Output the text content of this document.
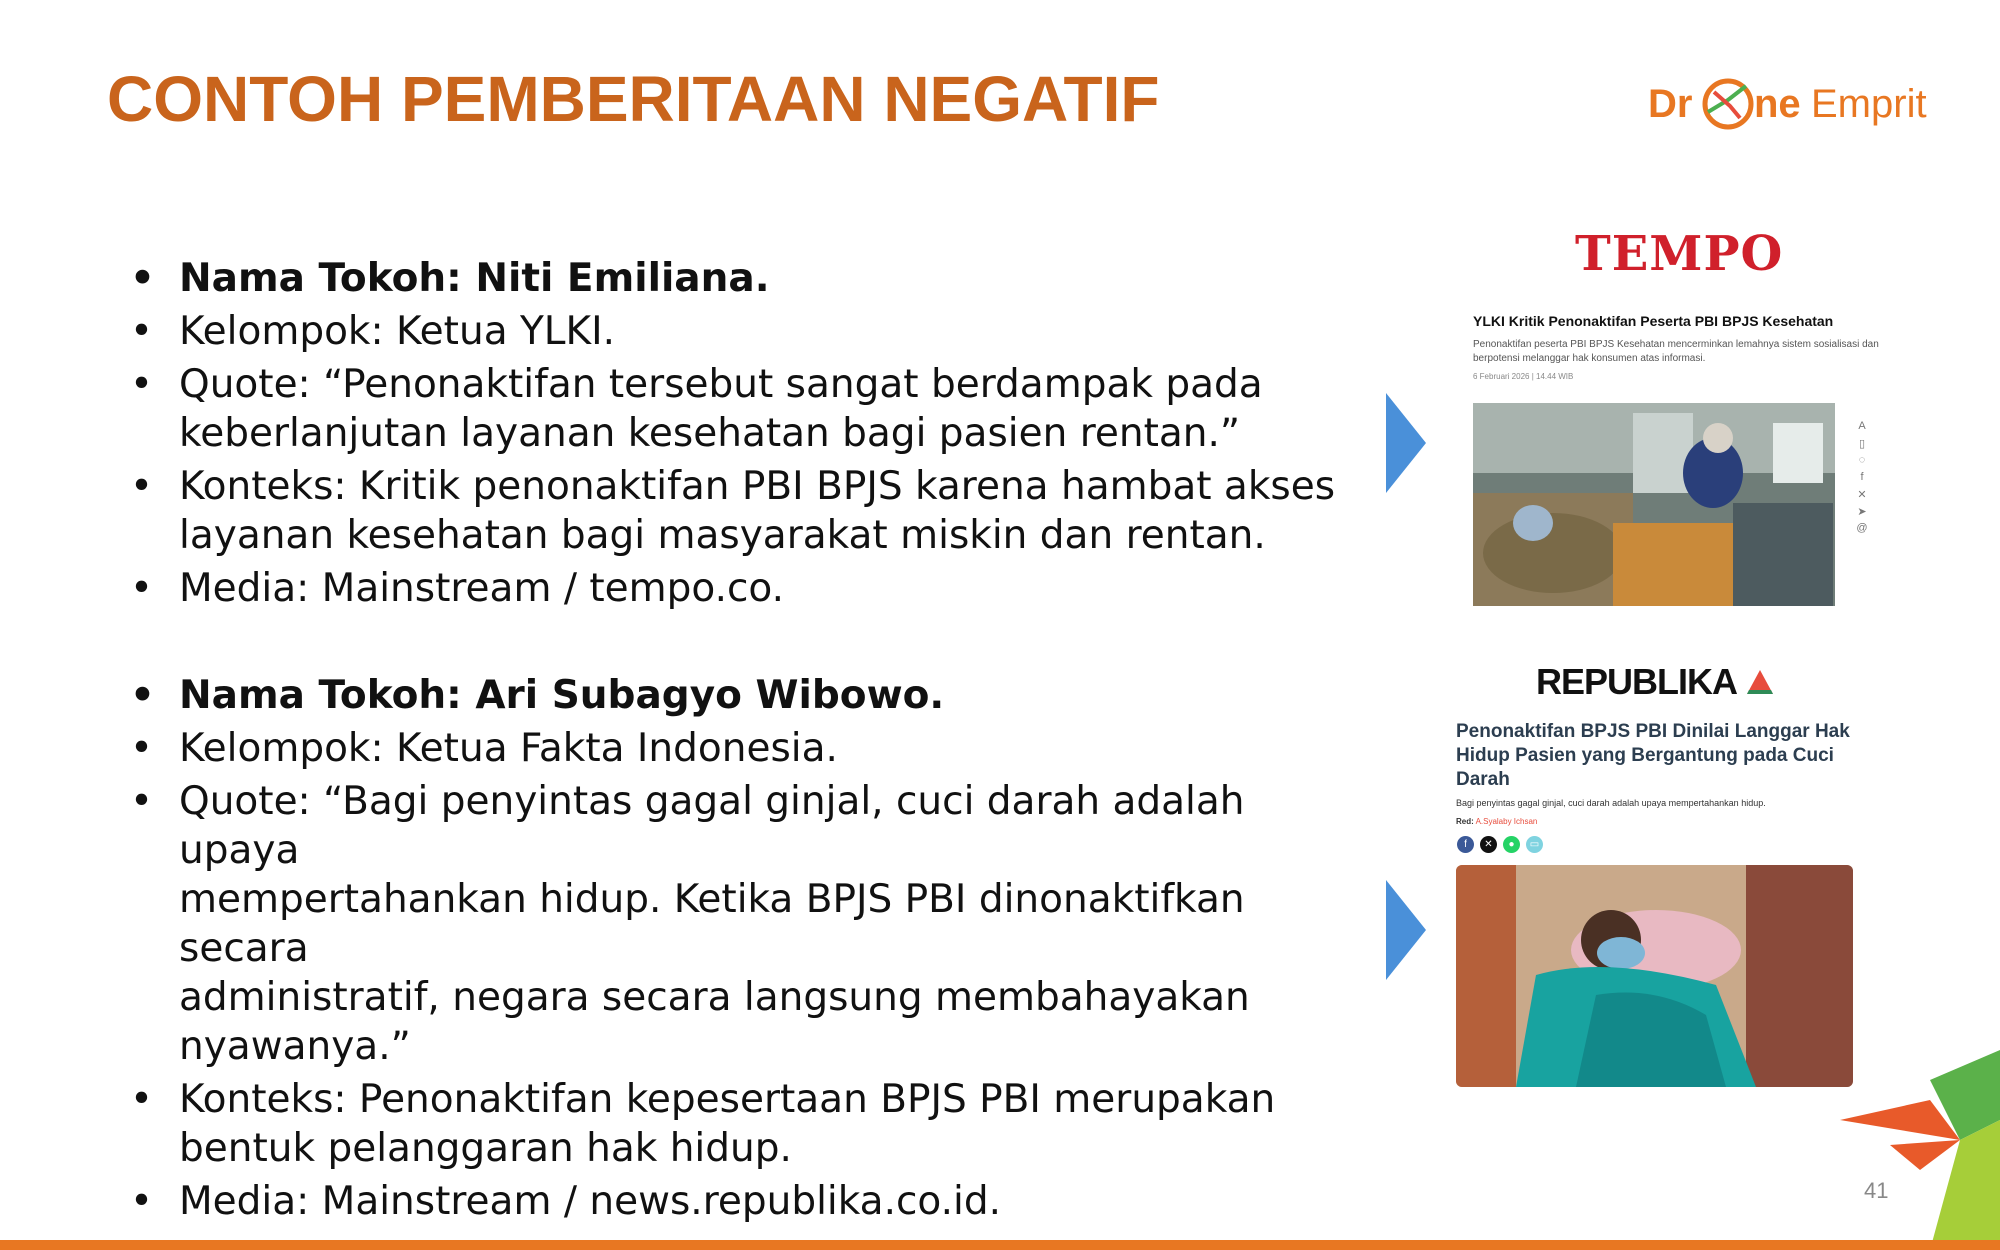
CONTOH PEMBERITAAN NEGATIF	Dr ne Emprit
• Nama Tokoh: Niti Emiliana.
• Kelompok: Ketua YLKI.
• Quote: “Penonaktifan tersebut sangat berdampak pada
keberlanjutan layanan kesehatan bagi pasien rentan.”
• Konteks: Kritik penonaktifan PBI BPJS karena hambat akses
layanan kesehatan bagi masyarakat miskin dan rentan.
• Media: Mainstream / tempo.co.
• Nama Tokoh: Ari Subagyo Wibowo.
• Kelompok: Ketua Fakta Indonesia.
• Quote: “Bagi penyintas gagal ginjal, cuci darah adalah upaya
mempertahankan hidup. Ketika BPJS PBI dinonaktifkan secara
administratif, negara secara langsung membahayakan
nyawanya.”
• Konteks: Penonaktifan kepesertaan BPJS PBI merupakan
bentuk pelanggaran hak hidup.
• Media: Mainstream / news.republika.co.id.
TEMPO
YLKI Kritik Penonaktifan Peserta PBI BPJS Kesehatan
Penonaktifan peserta PBI BPJS Kesehatan mencerminkan lemahnya sistem sosialisasi dan berpotensi melanggar hak konsumen atas informasi.
6 Februari 2026 | 14.44 WIB
A
▯
◌
f
✕
➤
@
REPUBLIKA
Penonaktifan BPJS PBI Dinilai Langgar Hak Hidup Pasien yang Bergantung pada Cuci Darah
Bagi penyintas gagal ginjal, cuci darah adalah upaya mempertahankan hidup.
Red: A.Syalaby Ichsan
f	✕	●	▭
41
